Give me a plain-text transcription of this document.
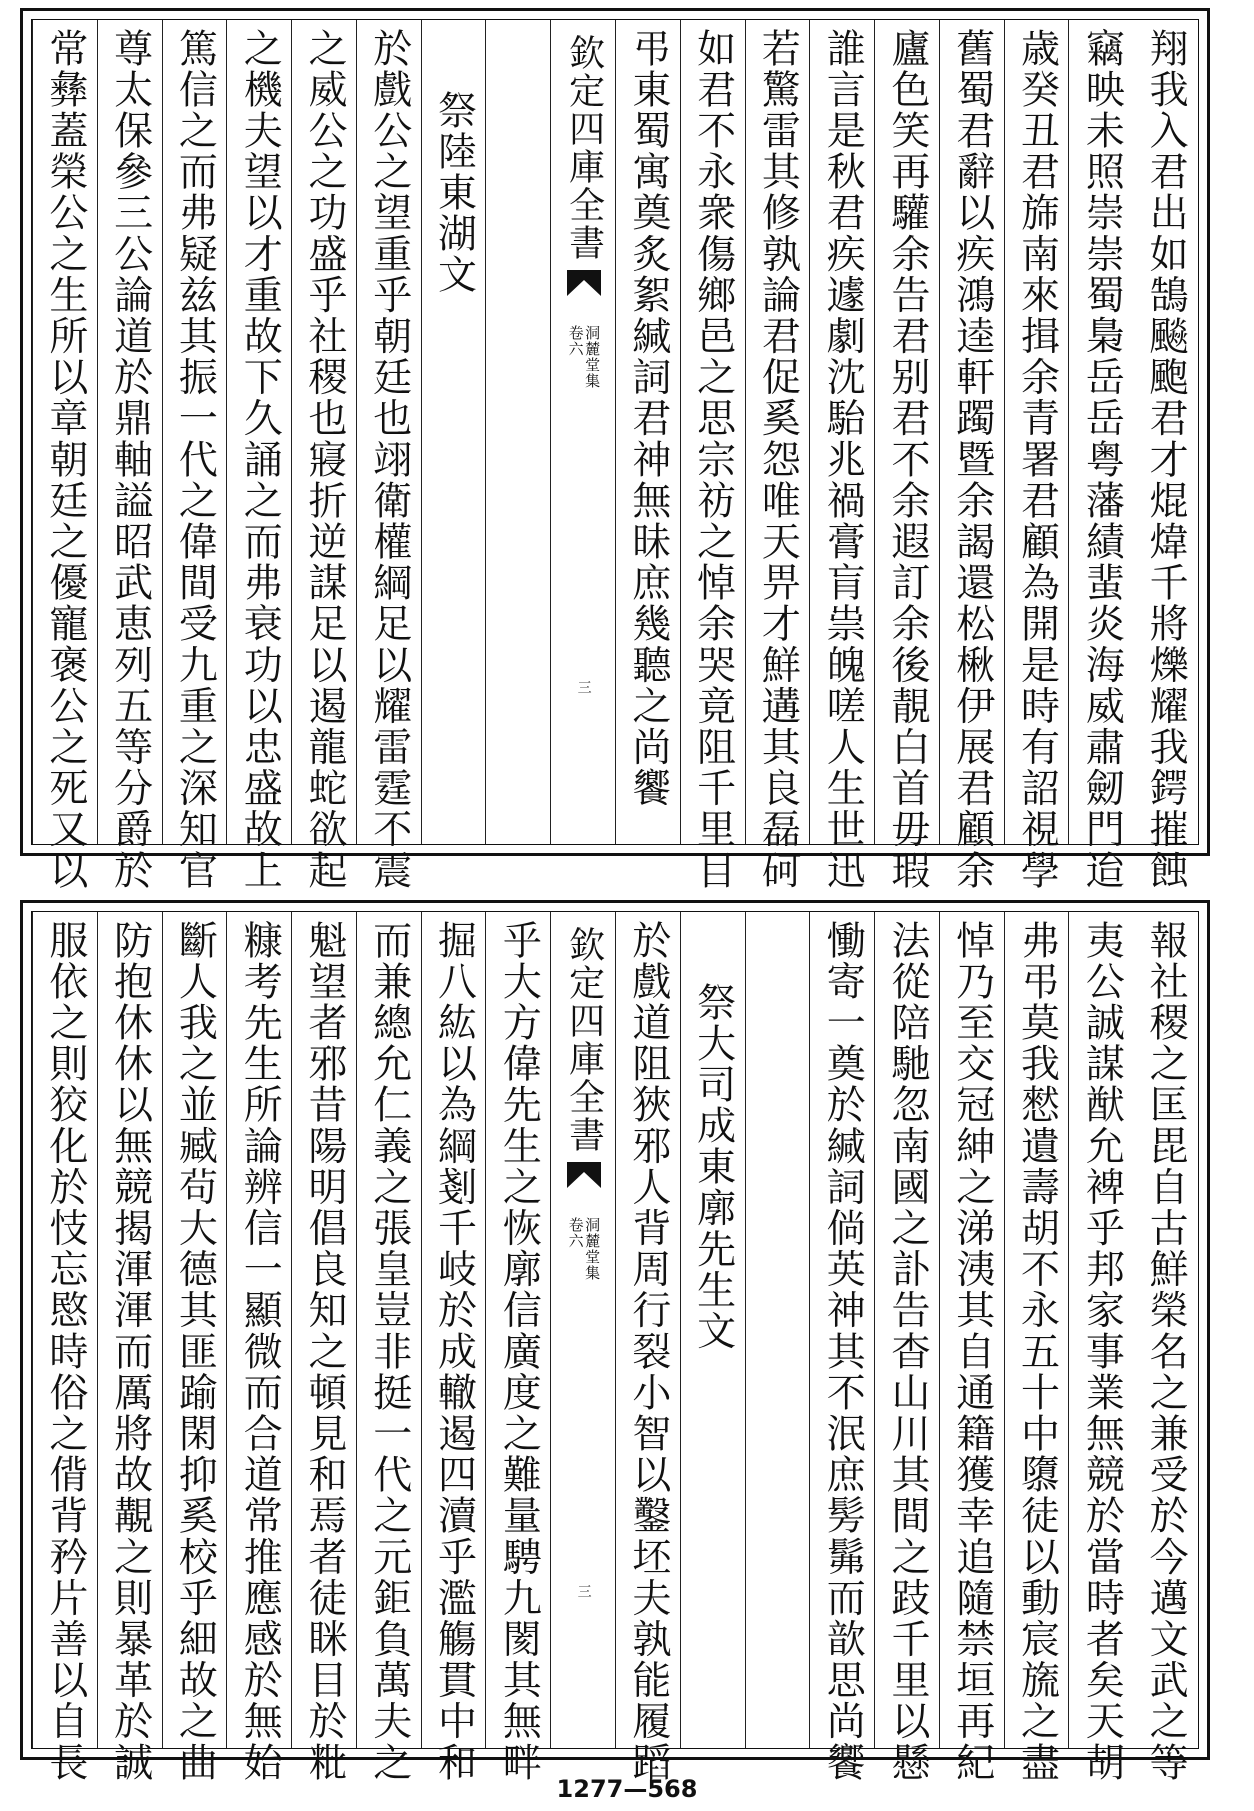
翔我入君出如鵠飈颮君才焜煒千將爍耀我鍔摧蝕
竊映未照崇崇蜀梟岳岳粤藩績蜚炎海威肅劒門迨
歳癸丑君旆南來揖余青署君顧為開是時有詔視學
舊蜀君辭以疾鴻逵軒躅暨余謁還松楸伊展君顧余
廬色笑再驩余告君别君不余遐訂余後靚白首毋瑕
誰言是秋君疾遽劇沈駘兆禍膏肓祟魄嗟人生世迅
若驚雷其修孰論君促奚怨唯天畀才鮮遘其良磊砢
如君不永衆傷鄉邑之思宗祊之悼余哭竟阻千里目
弔東蜀寓奠炙絮緘詞君神無昧庶幾聽之尚饗
欽定四庫全書
洞麓堂集 卷六
三
祭陸東湖文
於戲公之望重乎朝廷也翊衛權綱足以耀雷霆不震
之威公之功盛乎社稷也寢折逆謀足以遏龍蛇欲起
之機夫望以才重故下久誦之而弗衰功以忠盛故上
篤信之而弗疑兹其振一代之偉間受九重之深知官
尊太保參三公論道於鼎軸謚昭武恵列五等分爵於
常彝蓋榮公之生所以章朝廷之優寵褒公之死又以
報社稷之匡毘自古鮮榮名之兼受於今邁文武之等
夷公誠謀猷允裨乎邦家事業無競於當時者矣天胡
弗弔莫我憖遺壽胡不永五十中隳徒以動宸旒之盡
悼乃至交冠紳之涕洟其自通籍獲幸追隨禁垣再紀
法從陪馳忽南國之訃告杳山川其間之跂千里以懸
慟寄一奠於緘詞倘英神其不泯庶髣髴而歆思尚饗
祭大司成東廓先生文
於戲道阻狹邪人背周行裂小智以鑿坯夫孰能履蹈
欽定四庫全書
洞麓堂集 卷六
三
乎大方偉先生之恢廓信廣度之難量騁九閡其無畔
掘八紘以為綱剗千岐於成轍遏四瀆乎濫觴貫中和
而兼總允仁義之張皇豈非挺一代之元鉅負萬夫之
魁望者邪昔陽明倡良知之頓見和焉者徒眯目於粃
糠考先生所論辨信一顯微而合道常推應感於無始
斷人我之並臧茍大德其匪踰閑抑奚校乎細故之曲
防抱休休以無競揭渾渾而厲將故覯之則暴革於誠
服依之則狡化於忮忘愍時俗之偝背矜片善以自長
1277—568
